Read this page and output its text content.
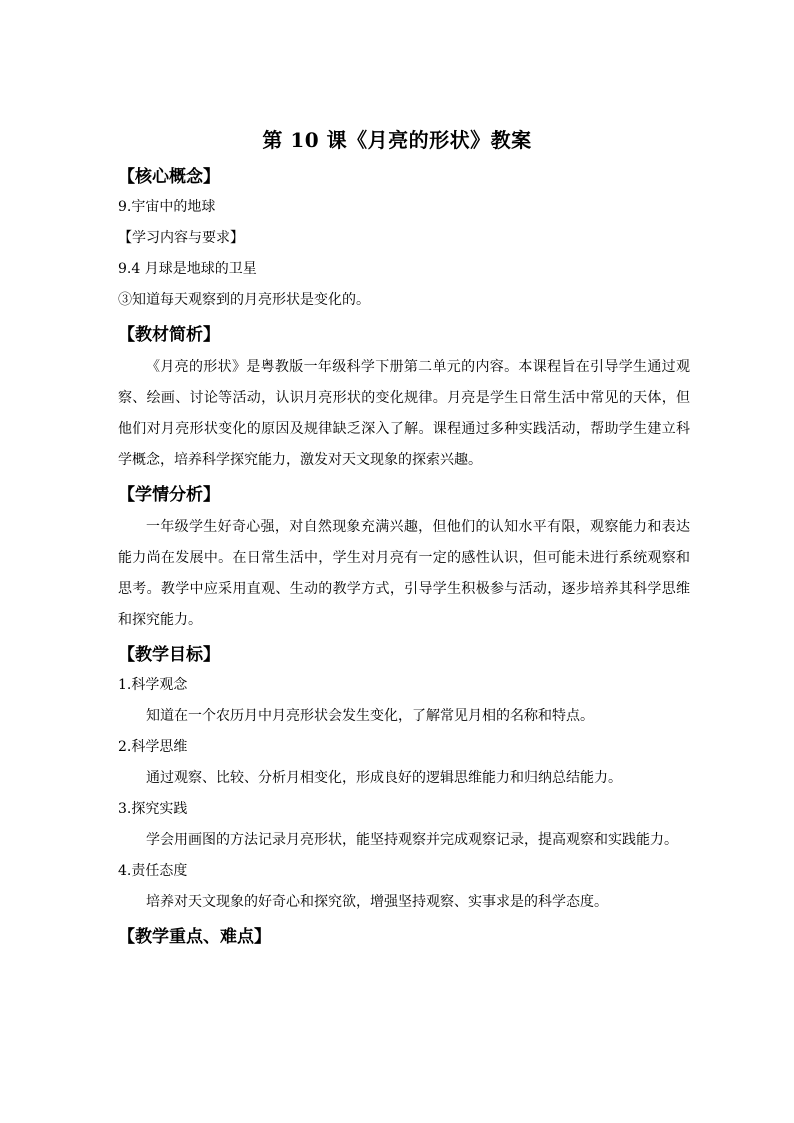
第 10 课《月亮的形状》教案
【核心概念】
9.宇宙中的地球
【学习内容与要求】
9.4 月球是地球的卫星
③知道每天观察到的月亮形状是变化的。
【教材简析】
《月亮的形状》是粤教版一年级科学下册第二单元的内容。本课程旨在引导学生通过观察、绘画、讨论等活动，认识月亮形状的变化规律。月亮是学生日常生活中常见的天体，但他们对月亮形状变化的原因及规律缺乏深入了解。课程通过多种实践活动，帮助学生建立科学概念，培养科学探究能力，激发对天文现象的探索兴趣。
【学情分析】
一年级学生好奇心强，对自然现象充满兴趣，但他们的认知水平有限，观察能力和表达能力尚在发展中。在日常生活中，学生对月亮有一定的感性认识，但可能未进行系统观察和思考。教学中应采用直观、生动的教学方式，引导学生积极参与活动，逐步培养其科学思维和探究能力。
【教学目标】
1.科学观念
知道在一个农历月中月亮形状会发生变化，了解常见月相的名称和特点。
2.科学思维
通过观察、比较、分析月相变化，形成良好的逻辑思维能力和归纳总结能力。
3.探究实践
学会用画图的方法记录月亮形状，能坚持观察并完成观察记录，提高观察和实践能力。
4.责任态度
培养对天文现象的好奇心和探究欲，增强坚持观察、实事求是的科学态度。
【教学重点、难点】
